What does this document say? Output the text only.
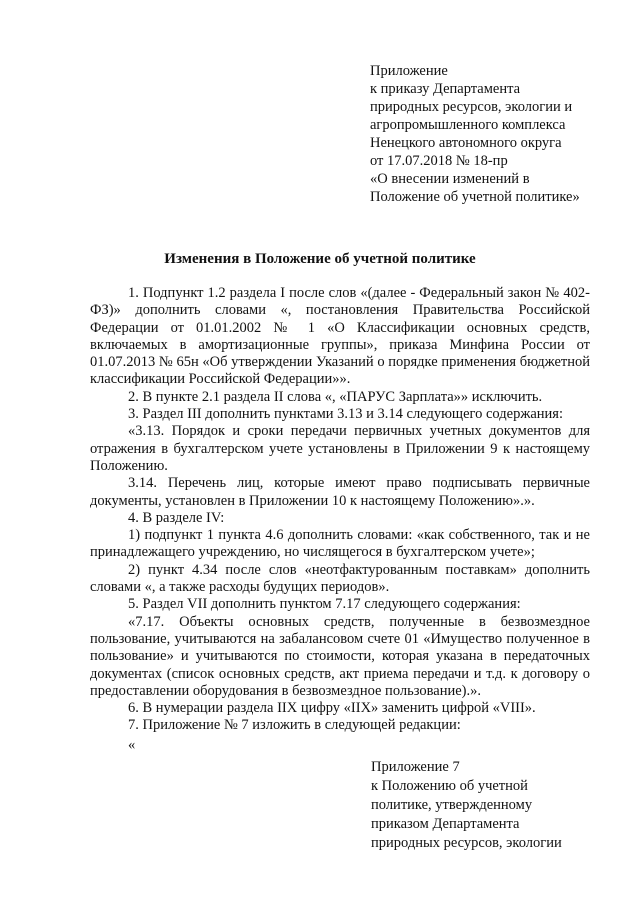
Приложение
к приказу Департамента
природных ресурсов, экологии и
агропромышленного комплекса
Ненецкого автономного округа
от 17.07.2018 № 18-пр
«О внесении изменений в
Положение об учетной политике»
Изменения в Положение об учетной политике

1. Подпункт 1.2 раздела I после слов «(далее - Федеральный закон № 402-ФЗ)» дополнить словами «, постановления Правительства Российской Федерации от 01.01.2002 № 1 «О Классификации основных средств, включаемых в амортизационные группы», приказа Минфина России от 01.07.2013 № 65н «Об утверждении Указаний о порядке применения бюджетной классификации Российской Федерации»».

2. В пункте 2.1 раздела II слова «, «ПАРУС Зарплата»» исключить.

3. Раздел III дополнить пунктами 3.13 и 3.14 следующего содержания:

«3.13. Порядок и сроки передачи первичных учетных документов для отражения в бухгалтерском учете установлены в Приложении 9 к настоящему Положению.

3.14. Перечень лиц, которые имеют право подписывать первичные документы, установлен в Приложении 10 к настоящему Положению».».

4. В разделе IV:

1) подпункт 1 пункта 4.6 дополнить словами: «как собственного, так и не принадлежащего учреждению, но числящегося в бухгалтерском учете»;

2) пункт 4.34 после слов «неотфактурованным поставкам» дополнить словами «, а также расходы будущих периодов».

5. Раздел VII дополнить пунктом 7.17 следующего содержания:

«7.17. Объекты основных средств, полученные в безвозмездное пользование, учитываются на забалансовом счете 01 «Имущество полученное в пользование» и учитываются по стоимости, которая указана в передаточных документах (список основных средств, акт приема передачи и т.д. к договору о предоставлении оборудования в безвозмездное пользование).».

6. В нумерации раздела IIX цифру «IIX» заменить цифрой «VIII».

7. Приложение № 7 изложить в следующей редакции:

«
Приложение 7
к Положению об учетной
политике, утвержденному
приказом Департамента
природных ресурсов, экологии
